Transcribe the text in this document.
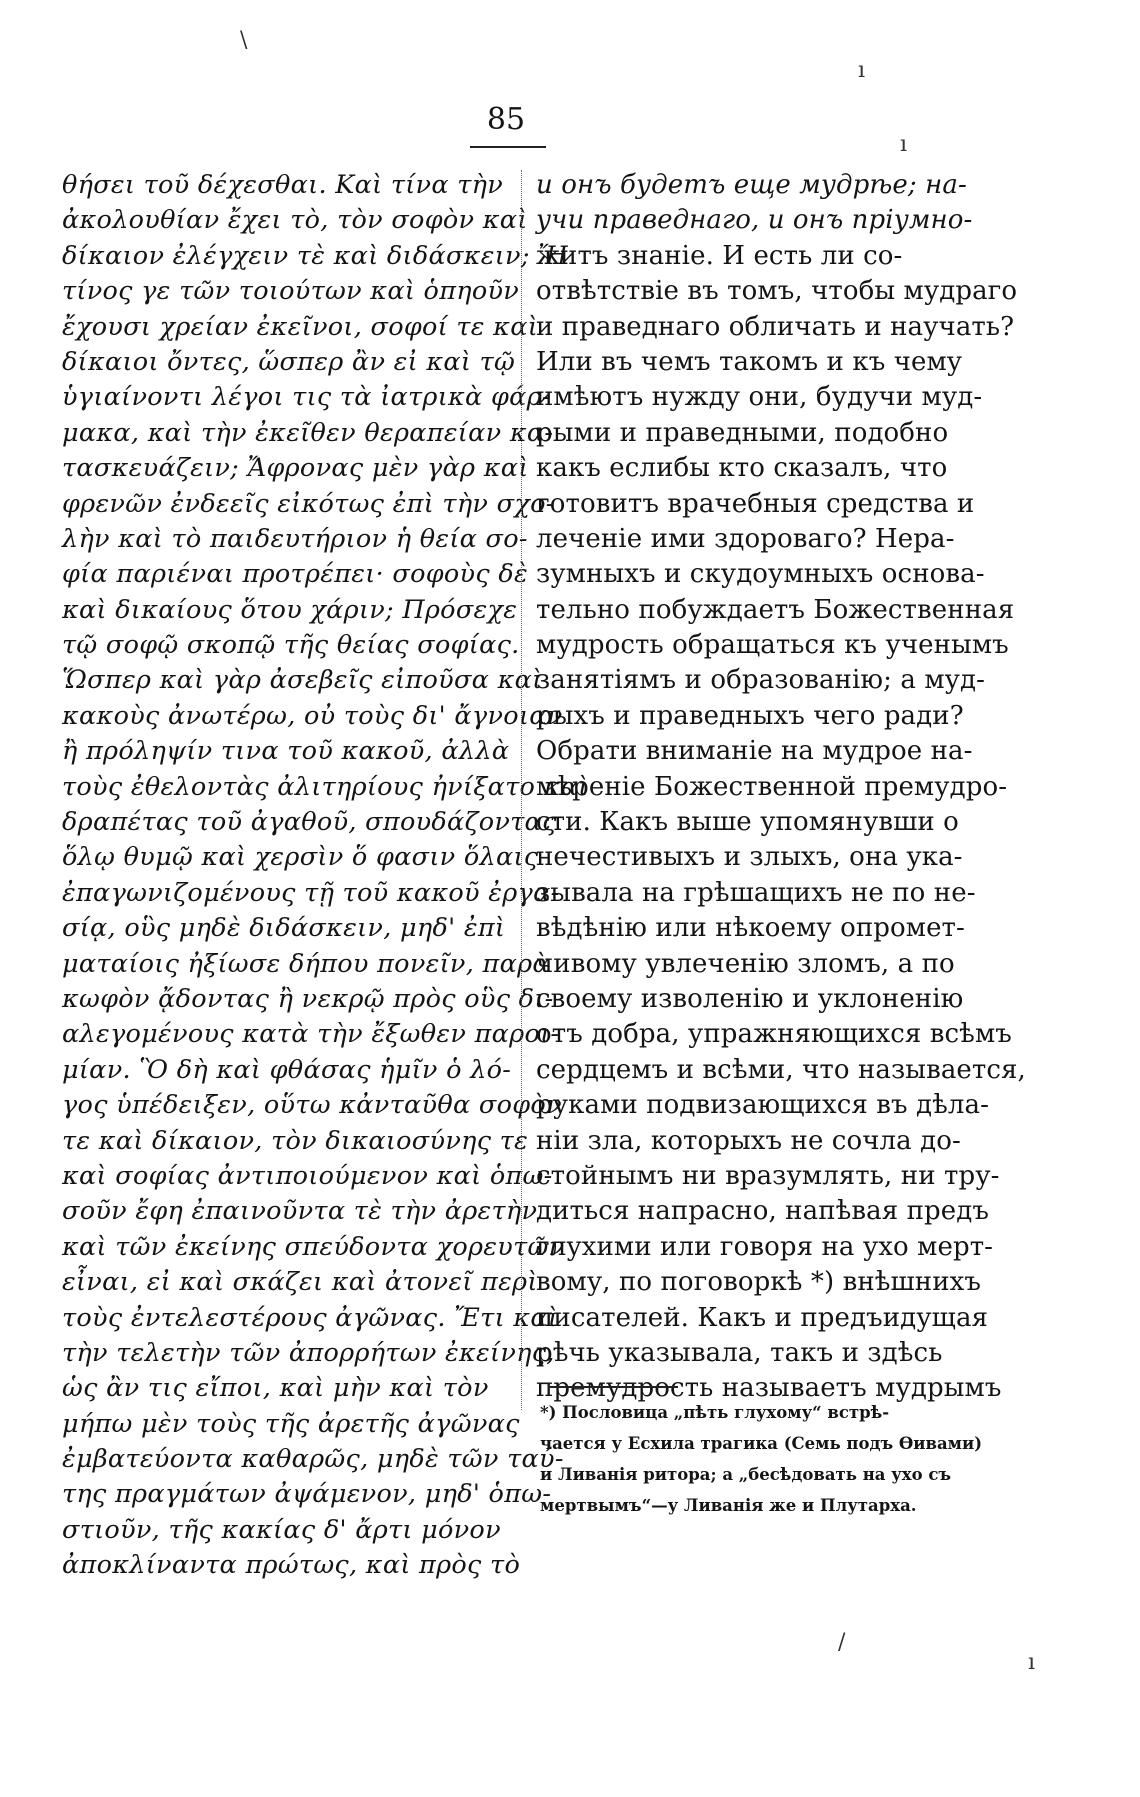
85
θήσει τοῦ δέχεσθαι. Καὶ τίνα τὴν
ἀκολουθίαν ἔχει τὸ, τὸν σοφὸν καὶ
δίκαιον ἐλέγχειν τὲ καὶ διδάσκειν; Ἤ
τίνος γε τῶν τοιούτων καὶ ὁπηοῦν
ἔχουσι χρείαν ἐκεῖνοι, σοφοί τε καὶ
δίκαιοι ὄντες, ὥσπερ ἂν εἰ καὶ τῷ
ὑγιαίνοντι λέγοι τις τὰ ἰατρικὰ φάρ-
μακα, καὶ τὴν ἐκεῖθεν θεραπείαν κα-
τασκευάζειν; Ἄφρονας μὲν γὰρ καὶ
φρενῶν ἐνδεεῖς εἰκότως ἐπὶ τὴν σχο-
λὴν καὶ τὸ παιδευτήριον ἡ θεία σο-
φία παριέναι προτρέπει· σοφοὺς δὲ
καὶ δικαίους ὅτου χάριν; Πρόσεχε
τῷ σοφῷ σκοπῷ τῆς θείας σοφίας.
Ὥσπερ καὶ γὰρ ἀσεβεῖς εἰποῦσα καὶ
κακοὺς ἀνωτέρω, οὐ τοὺς δι' ἄγνοιαν
ἢ πρόληψίν τινα τοῦ κακοῦ, ἀλλὰ
τοὺς ἐθελοντὰς ἀλιτηρίους ἠνίξατο καὶ
δραπέτας τοῦ ἀγαθοῦ, σπουδάζοντας
ὅλῳ θυμῷ καὶ χερσὶν ὅ φασιν ὅλαις
ἐπαγωνιζομένους τῇ τοῦ κακοῦ ἐργα-
σίᾳ, οὓς μηδὲ διδάσκειν, μηδ' ἐπὶ
ματαίοις ἠξίωσε δήπου πονεῖν, παρὰ
κωφὸν ᾄδοντας ἢ νεκρῷ πρὸς οὓς δι-
αλεγομένους κατὰ τὴν ἔξωθεν παροι-
μίαν. Ὃ δὴ καὶ φθάσας ἡμῖν ὁ λό-
γος ὑπέδειξεν, οὕτω κἀνταῦθα σοφὸν
τε καὶ δίκαιον, τὸν δικαιοσύνης τε
καὶ σοφίας ἀντιποιούμενον καὶ ὁπω-
σοῦν ἔφη ἐπαινοῦντα τὲ τὴν ἀρετὴν
καὶ τῶν ἐκείνης σπεύδοντα χορευτῶν
εἶναι, εἰ καὶ σκάζει καὶ ἀτονεῖ περὶ
τοὺς ἐντελεστέρους ἀγῶνας. Ἔτι καὶ
τὴν τελετὴν τῶν ἀπορρήτων ἐκείνης,
ὡς ἂν τις εἴποι, καὶ μὴν καὶ τὸν
μήπω μὲν τοὺς τῆς ἀρετῆς ἀγῶνας
ἐμβατεύοντα καθαρῶς, μηδὲ τῶν ταύ-
της πραγμάτων ἀψάμενον, μηδ' ὁπω-
στιοῦν, τῆς κακίας δ' ἄρτι μόνον
ἀποκλίναντα πρώτως, καὶ πρὸς τὸ
и онъ будетъ еще мудрѣе; на-
учи праведнаго, и онъ пріумно-
житъ знаніе. И есть ли со-
отвѣтствіе въ томъ, чтобы мудраго
и праведнаго обличать и научать?
Или въ чемъ такомъ и къ чему
имѣютъ нужду они, будучи муд-
рыми и праведными, подобно
какъ еслибы кто сказалъ, что
готовитъ врачебныя средства и
леченіе ими здороваго? Нера-
зумныхъ и скудоумныхъ основа-
тельно побуждаетъ Божественная
мудрость обращаться къ ученымъ
занятіямъ и образованію; а муд-
рыхъ и праведныхъ чего ради?
Обрати вниманіе на мудрое на-
мѣреніе Божественной премудро-
сти. Какъ выше упомянувши о
нечестивыхъ и злыхъ, она ука-
зывала на грѣшащихъ не по не-
вѣдѣнію или нѣкоему опромет-
чивому увлеченію зломъ, а по
своему изволенію и уклоненію
отъ добра, упражняющихся всѣмъ
сердцемъ и всѣми, что называется,
руками подвизающихся въ дѣла-
ніи зла, которыхъ не сочла до-
стойнымъ ни вразумлять, ни тру-
диться напрасно, напѣвая предъ
глухими или говоря на ухо мерт-
вому, по поговоркѣ *) внѣшнихъ
писателей. Какъ и предъидущая
рѣчь указывала, такъ и здѣсь
премудрость называетъ мудрымъ
*) Пословица „пѣть глухому“ встрѣ-
чается у Есхила трагика (Семь подъ Өивами)
и Ливанія ритора; а „бесѣдовать на ухо съ
мертвымъ“—у Ливанія же и Плутарха.
\
ı
ı
/
ı
